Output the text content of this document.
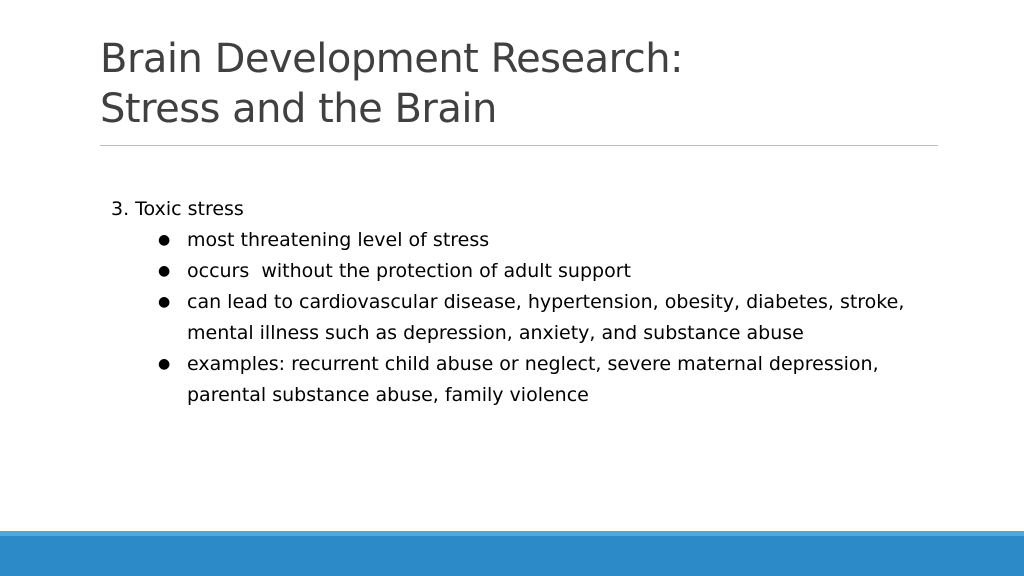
Brain Development Research:
Stress and the Brain
3. Toxic stress
● most threatening level of stress
● occurs  without the protection of adult support
● can lead to cardiovascular disease, hypertension, obesity, diabetes, stroke, mental illness such as depression, anxiety, and substance abuse
● examples: recurrent child abuse or neglect, severe maternal depression, parental substance abuse, family violence
